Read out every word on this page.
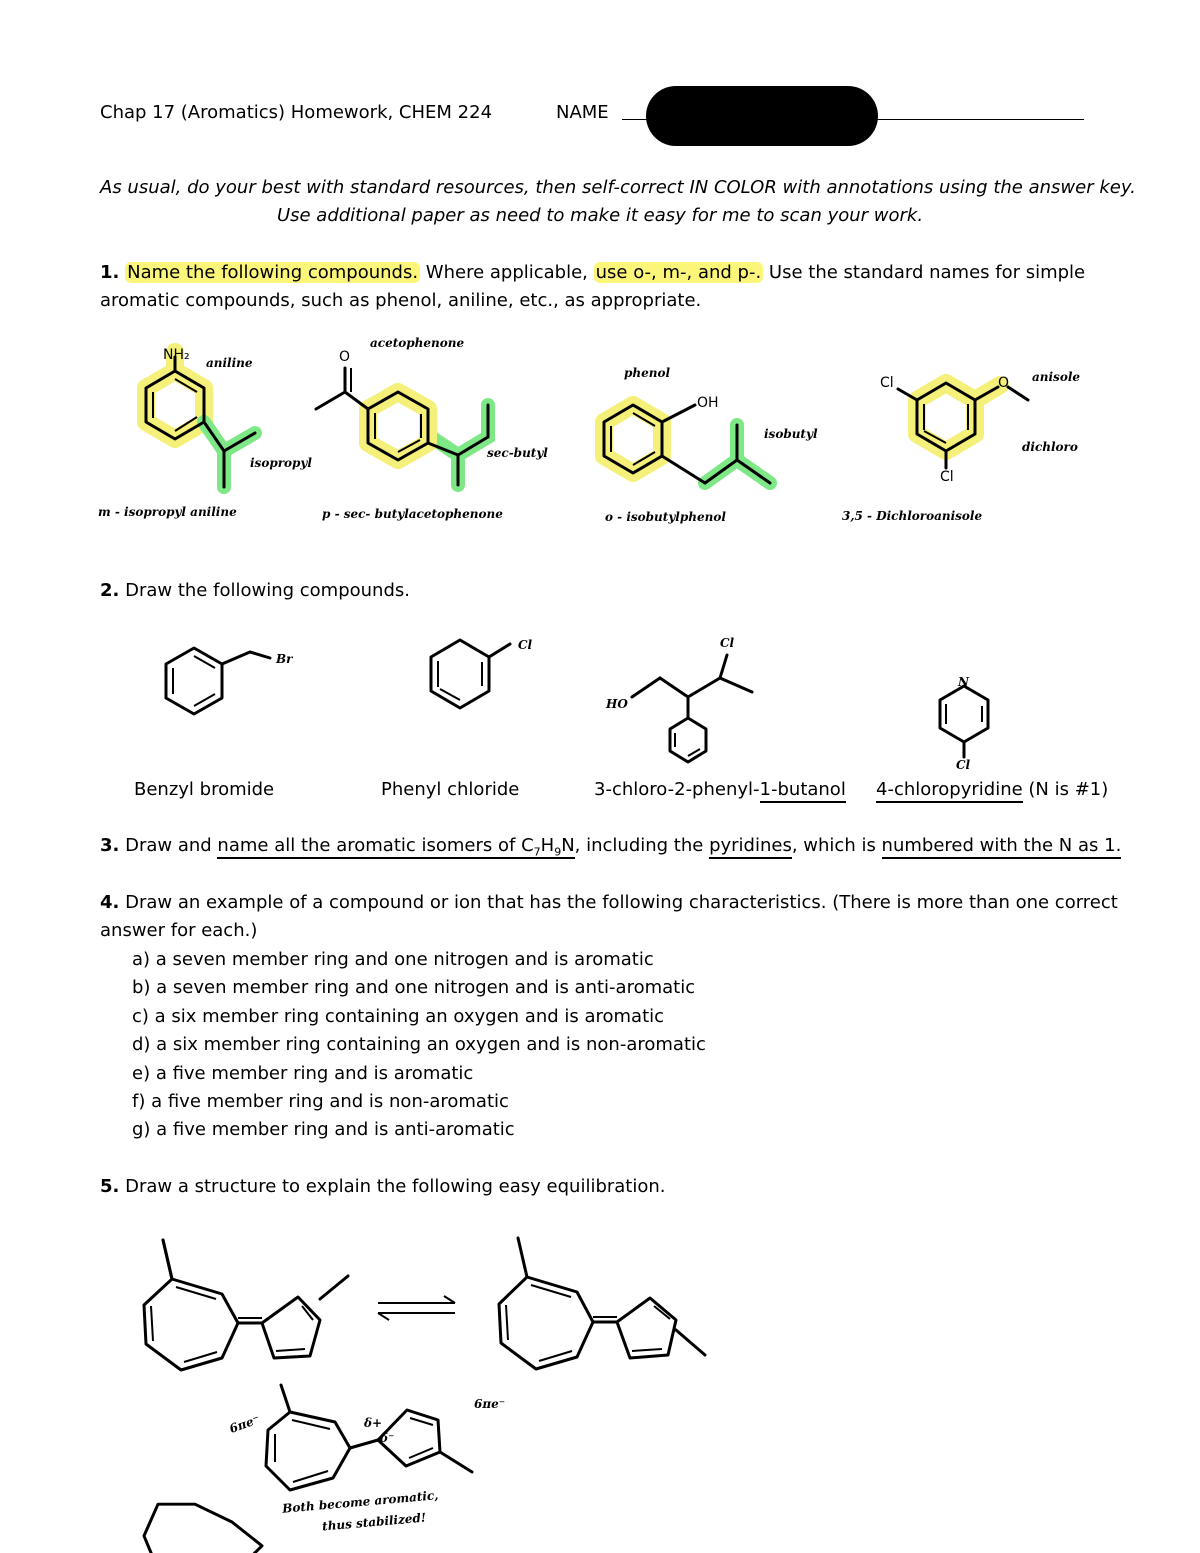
Chap 17 (Aromatics) Homework, CHEM 224	NAME
As usual, do your best with standard resources, then self-correct IN COLOR with annotations using the answer key.
Use additional paper as need to make it easy for me to scan your work.
1. Name the following compounds. Where applicable, use o-, m-, and p-. Use the standard names for simple
aromatic compounds, such as phenol, aniline, etc., as appropriate.
NH₂ aniline
isopropyl
m - isopropyl aniline
O
acetophenone
sec-butyl
p - sec- butylacetophenone
OH
phenol
isobutyl
o - isobutylphenol
Cl
Cl
O anisole
dichloro
3,5 - Dichloroanisole
2. Draw the following compounds.
Br
Cl	Cl
HO
N
Cl
Benzyl bromide	Phenyl chloride	3-chloro-2-phenyl-1-butanol 4-chloropyridine (N is #1)
3. Draw and name all the aromatic isomers of $C_7H_9N$, including the pyridines, which is numbered with the N as 1.
4. Draw an example of a compound or ion that has the following characteristics. (There is more than one correct
answer for each.)
a) a seven member ring and one nitrogen and is aromatic
b) a seven member ring and one nitrogen and is anti-aromatic
c) a six member ring containing an oxygen and is aromatic
d) a six member ring containing an oxygen and is non-aromatic
e) a five member ring and is aromatic
f) a five member ring and is non-aromatic
g) a five member ring and is anti-aromatic
5. Draw a structure to explain the following easy equilibration.
6πe⁻
6πe⁻
δ+
δ⁻
Both become aromatic,
thus stabilized!
